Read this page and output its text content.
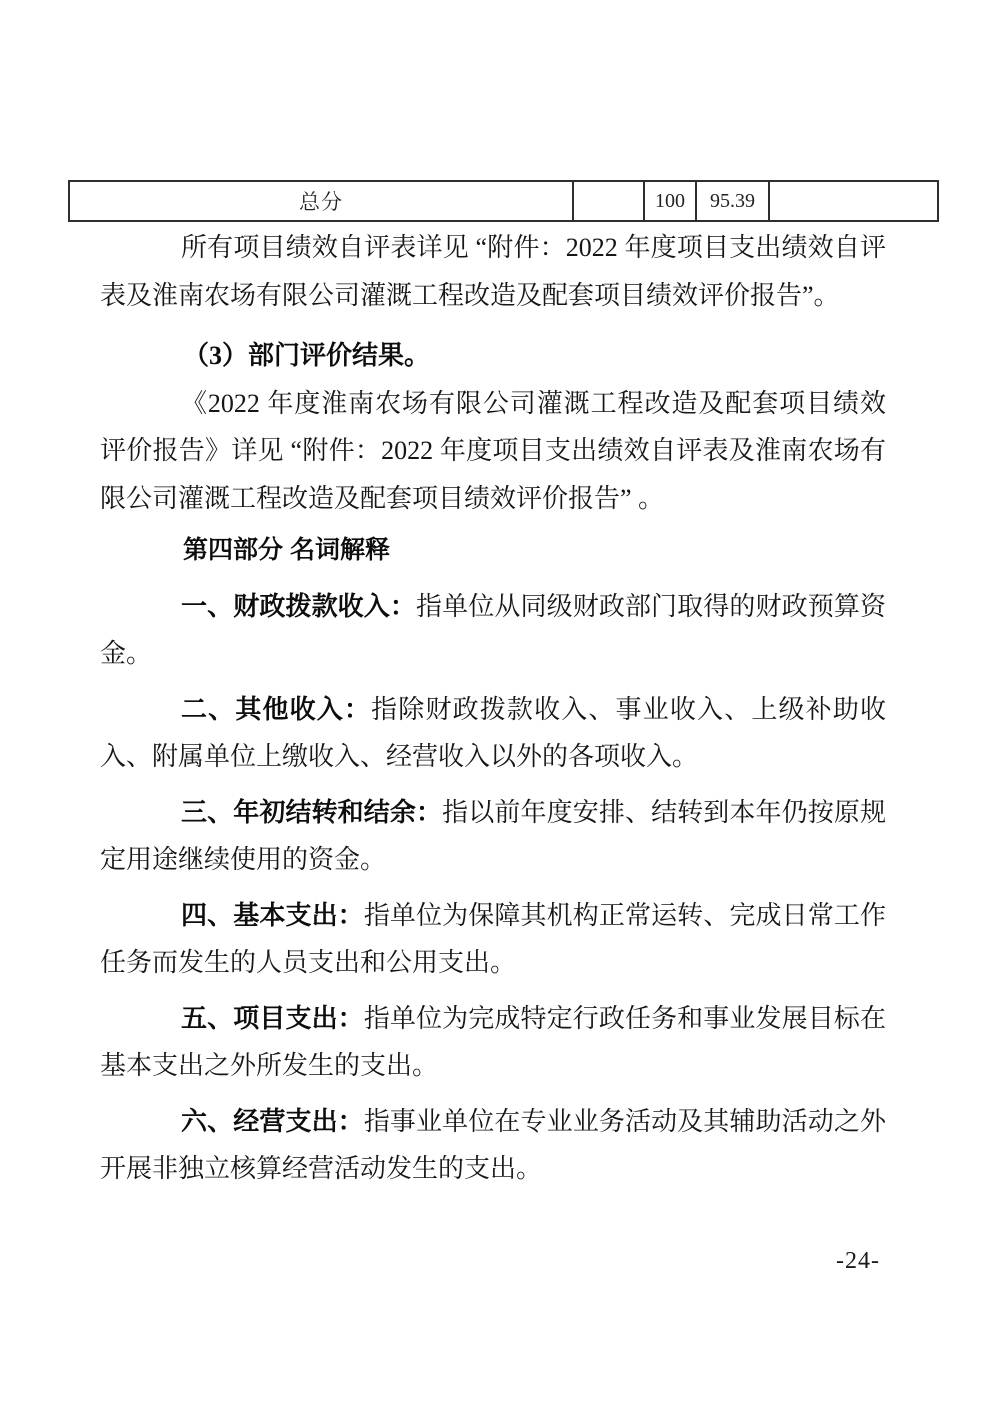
总分		100	95.39	

所有项目绩效自评表详见 “附件：2022 年度项目支出绩效自评表及淮南农场有限公司灌溉工程改造及配套项目绩效评价报告”。

（3）部门评价结果。

《2022 年度淮南农场有限公司灌溉工程改造及配套项目绩效评价报告》详见 “附件：2022 年度项目支出绩效自评表及淮南农场有限公司灌溉工程改造及配套项目绩效评价报告” 。

第四部分 名词解释

一、财政拨款收入：指单位从同级财政部门取得的财政预算资金。

二、其他收入：指除财政拨款收入、事业收入、上级补助收入、附属单位上缴收入、经营收入以外的各项收入。

三、年初结转和结余：指以前年度安排、结转到本年仍按原规定用途继续使用的资金。

四、基本支出：指单位为保障其机构正常运转、完成日常工作任务而发生的人员支出和公用支出。

五、项目支出：指单位为完成特定行政任务和事业发展目标在基本支出之外所发生的支出。

六、经营支出：指事业单位在专业业务活动及其辅助活动之外开展非独立核算经营活动发生的支出。

-24-
